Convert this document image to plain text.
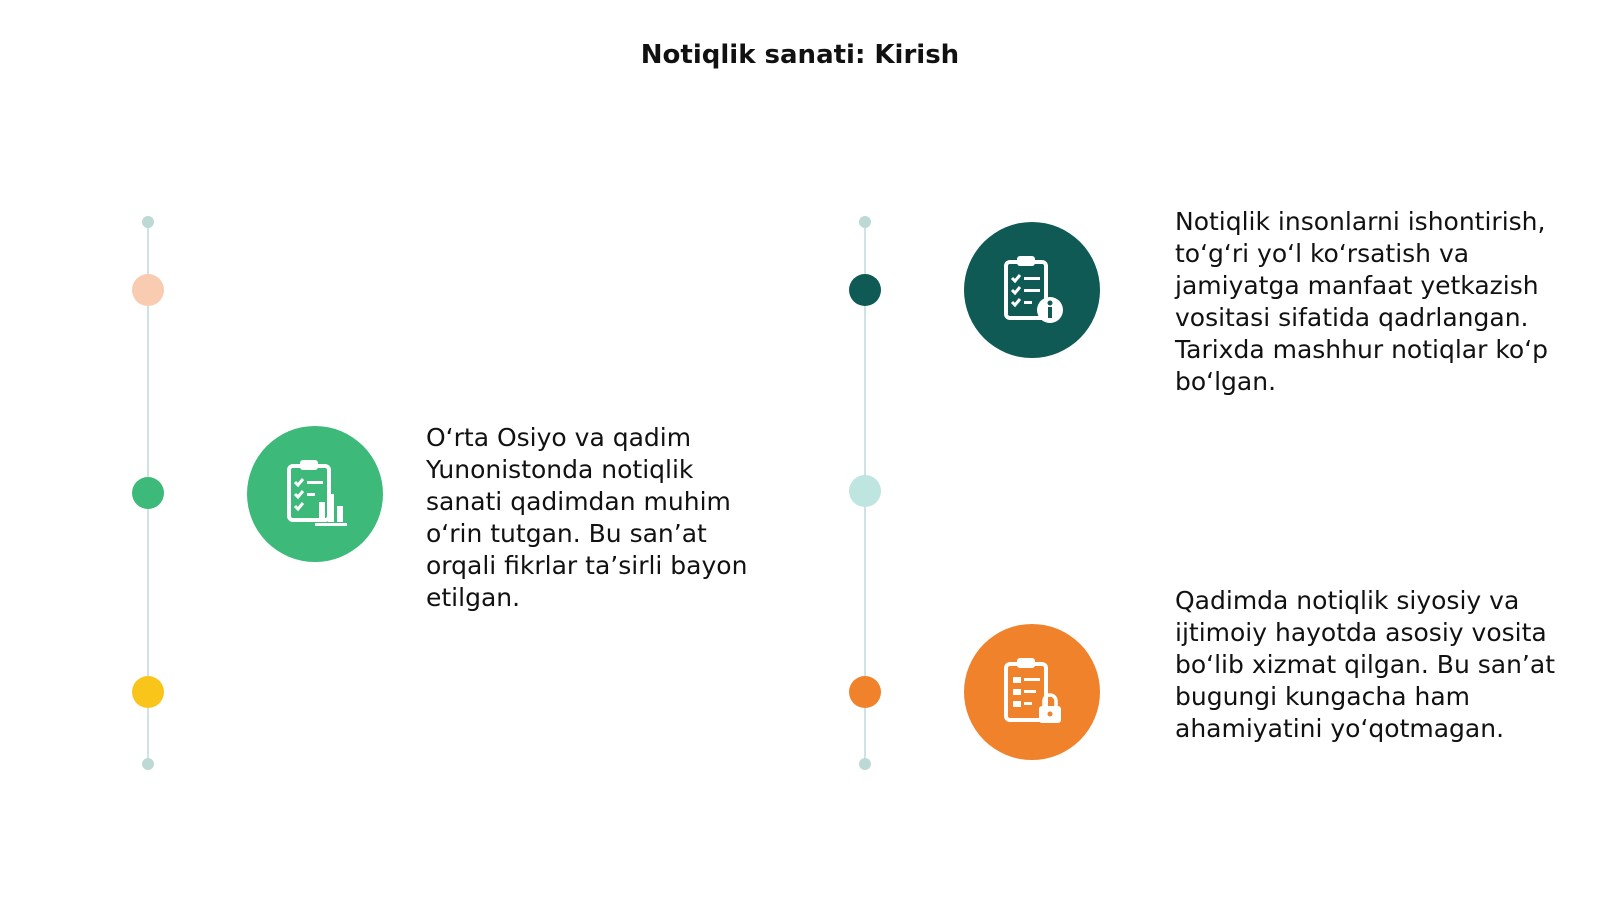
Notiqlik sanati: Kirish
O‘rta Osiyo va qadim Yunonistonda notiqlik sanati qadimdan muhim o‘rin tutgan. Bu san’at orqali fikrlar ta’sirli bayon etilgan.
Notiqlik insonlarni ishontirish, to‘g‘ri yo‘l ko‘rsatish va jamiyatga manfaat yetkazish vositasi sifatida qadrlangan. Tarixda mashhur notiqlar ko‘p bo‘lgan.
Qadimda notiqlik siyosiy va ijtimoiy hayotda asosiy vosita bo‘lib xizmat qilgan. Bu san’at bugungi kungacha ham ahamiyatini yo‘qotmagan.
